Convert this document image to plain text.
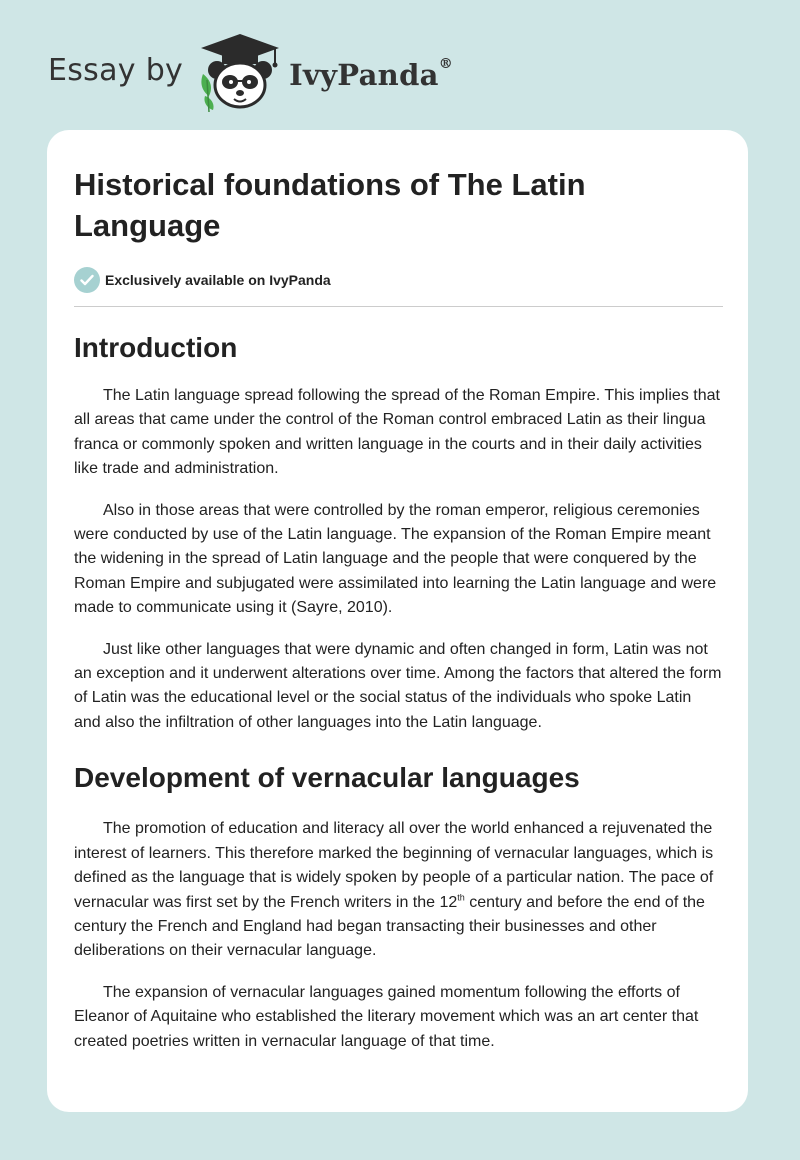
Essay by	IvyPanda®
Historical foundations of The Latin Language
Exclusively available on IvyPanda
Introduction

The Latin language spread following the spread of the Roman Empire. This implies that all areas that came under the control of the Roman control embraced Latin as their lingua franca or commonly spoken and written language in the courts and in their daily activities like trade and administration.

Also in those areas that were controlled by the roman emperor, religious ceremonies were conducted by use of the Latin language. The expansion of the Roman Empire meant the widening in the spread of Latin language and the people that were conquered by the Roman Empire and subjugated were assimilated into learning the Latin language and were made to communicate using it (Sayre, 2010).

Just like other languages that were dynamic and often changed in form, Latin was not an exception and it underwent alterations over time. Among the factors that altered the form of Latin was the educational level or the social status of the individuals who spoke Latin and also the infiltration of other languages into the Latin language.

Development of vernacular languages

The promotion of education and literacy all over the world enhanced a rejuvenated the interest of learners. This therefore marked the beginning of vernacular languages, which is defined as the language that is widely spoken by people of a particular nation. The pace of vernacular was first set by the French writers in the 12th century and before the end of the century the French and England had began transacting their businesses and other deliberations on their vernacular language.

The expansion of vernacular languages gained momentum following the efforts of Eleanor of Aquitaine who established the literary movement which was an art center that created poetries written in vernacular language of that time.
